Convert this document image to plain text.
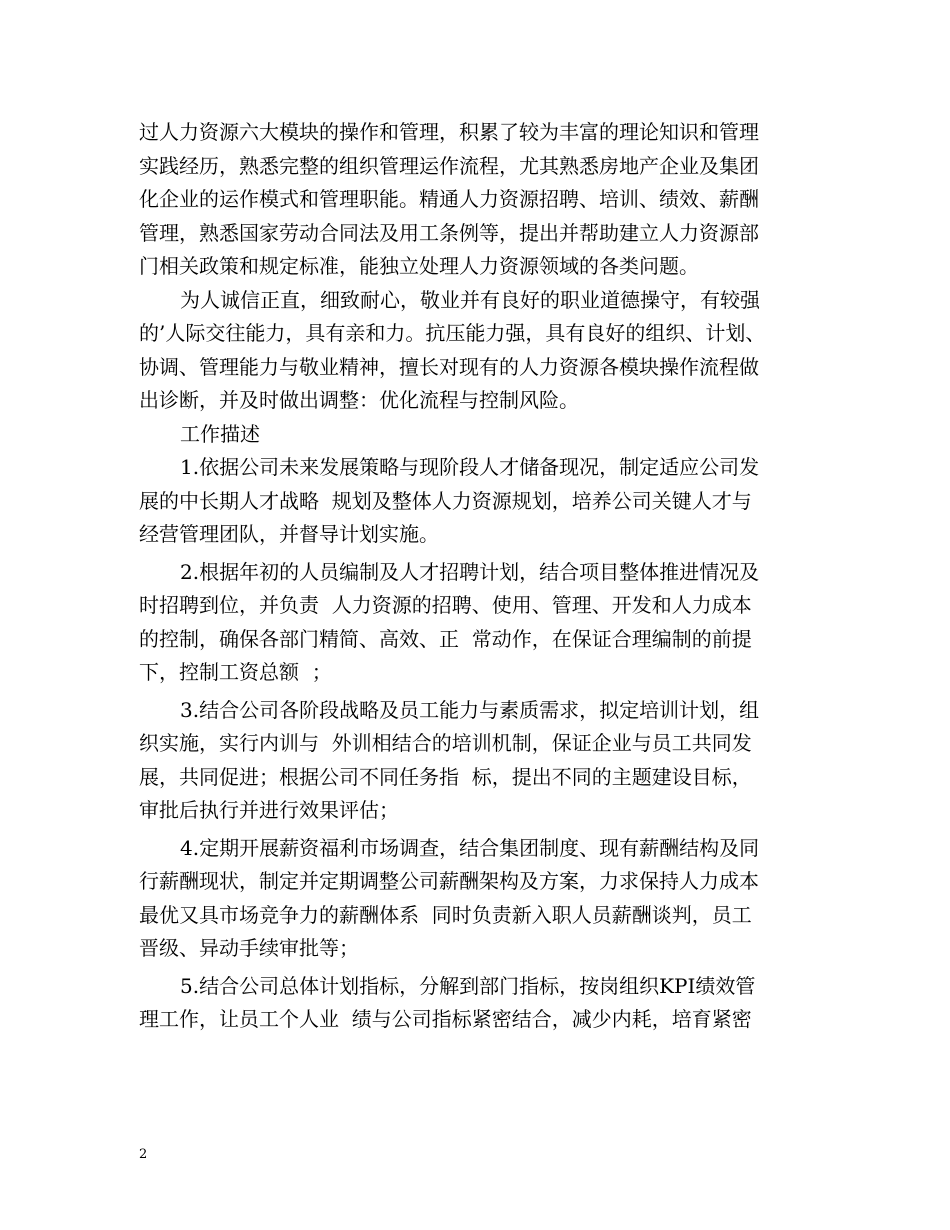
过人力资源六大模块的操作和管理，积累了较为丰富的理论知识和管理
实践经历，熟悉完整的组织管理运作流程，尤其熟悉房地产企业及集团
化企业的运作模式和管理职能。精通人力资源招聘、培训、绩效、薪酬
管理，熟悉国家劳动合同法及用工条例等，提出并帮助建立人力资源部
门相关政策和规定标准，能独立处理人力资源领域的各类问题。

为人诚信正直，细致耐心，敬业并有良好的职业道德操守，有较强
的’人际交往能力，具有亲和力。抗压能力强，具有良好的组织、计划、
协调、管理能力与敬业精神，擅长对现有的人力资源各模块操作流程做
出诊断，并及时做出调整：优化流程与控制风险。

工作描述

1.依据公司未来发展策略与现阶段人才储备现况，制定适应公司发
展的中长期人才战略  规划及整体人力资源规划，培养公司关键人才与
经营管理团队，并督导计划实施。

2.根据年初的人员编制及人才招聘计划，结合项目整体推进情况及
时招聘到位，并负责  人力资源的招聘、使用、管理、开发和人力成本
的控制，确保各部门精简、高效、正  常动作，在保证合理编制的前提
下，控制工资总额  ；

3.结合公司各阶段战略及员工能力与素质需求，拟定培训计划，组
织实施，实行内训与  外训相结合的培训机制，保证企业与员工共同发
展，共同促进；根据公司不同任务指  标，提出不同的主题建设目标，
审批后执行并进行效果评估；

4.定期开展薪资福利市场调查，结合集团制度、现有薪酬结构及同
行薪酬现状，制定并定期调整公司薪酬架构及方案，力求保持人力成本
最优又具市场竞争力的薪酬体系  同时负责新入职人员薪酬谈判，员工
晋级、异动手续审批等；

5.结合公司总体计划指标，分解到部门指标，按岗组织KPI绩效管
理工作，让员工个人业  绩与公司指标紧密结合，减少内耗，培育紧密

2
